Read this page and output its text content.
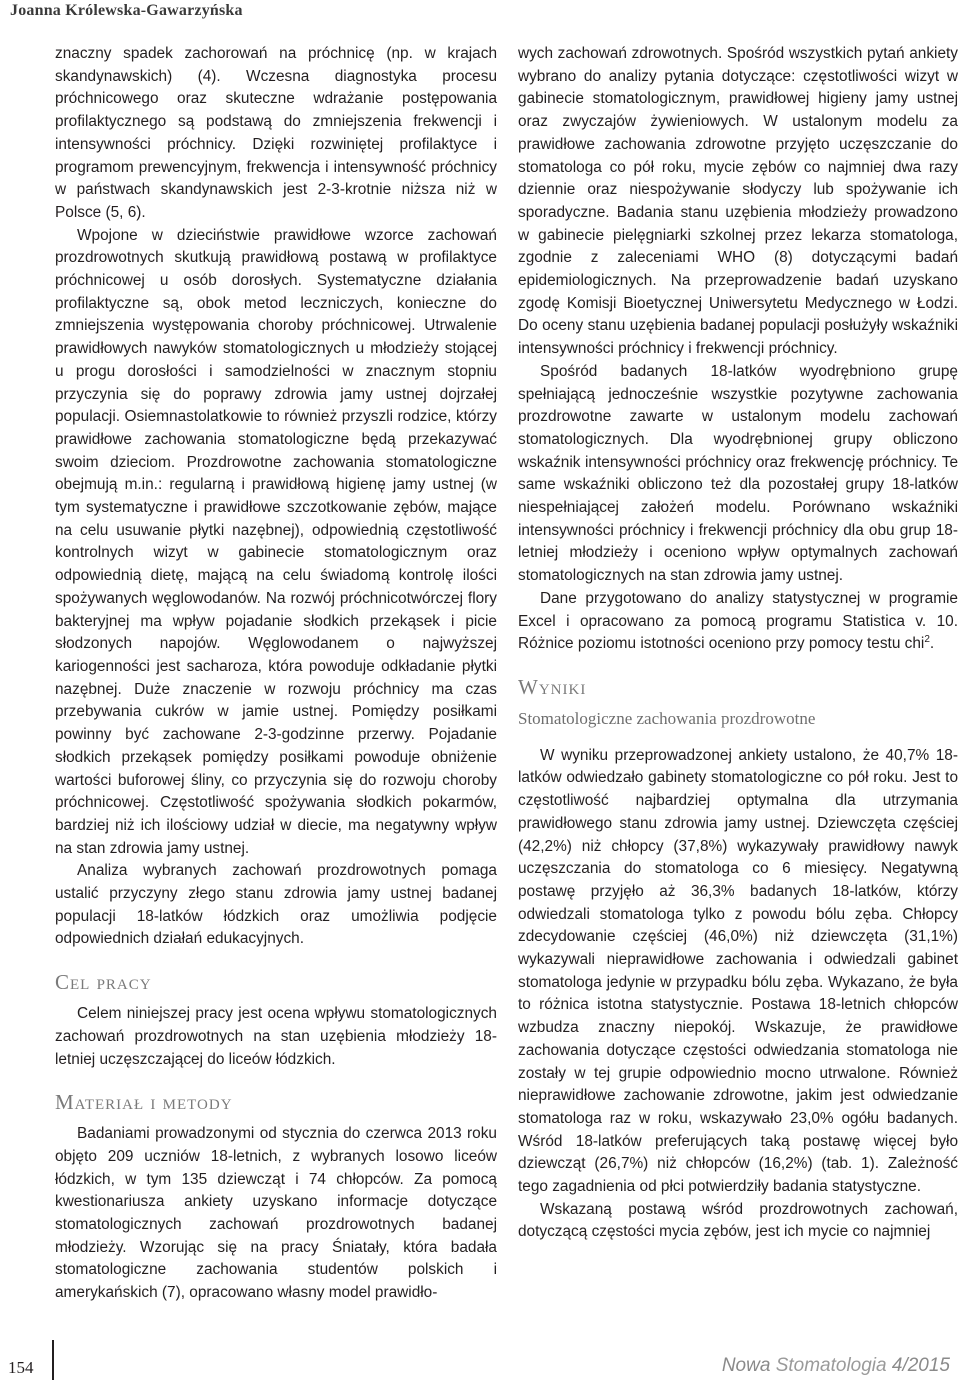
Joanna Królewska-Gawarzyńska

znaczny spadek zachorowań na próchnicę (np. w krajach skandynawskich) (4). Wczesna diagnostyka procesu próchnicowego oraz skuteczne wdrażanie postępowania profilaktycznego są podstawą do zmniejszenia frekwencji i intensywności próchnicy. Dzięki rozwiniętej profilaktyce i programom prewencyjnym, frekwencja i intensywność próchnicy w państwach skandynawskich jest 2-3-krotnie niższa niż w Polsce (5, 6).

Wpojone w dzieciństwie prawidłowe wzorce zachowań prozdrowotnych skutkują prawidłową postawą w profilaktyce próchnicowej u osób dorosłych. Systematyczne działania profilaktyczne są, obok metod leczniczych, konieczne do zmniejszenia występowania choroby próchnicowej. Utrwalenie prawidłowych nawyków stomatologicznych u młodzieży stojącej u progu dorosłości i samodzielności w znacznym stopniu przyczynia się do poprawy zdrowia jamy ustnej dojrzałej populacji. Osiemnastolatkowie to również przyszli rodzice, którzy prawidłowe zachowania stomatologiczne będą przekazywać swoim dzieciom. Prozdrowotne zachowania stomatologiczne obejmują m.in.: regularną i prawidłową higienę jamy ustnej (w tym systematyczne i prawidłowe szczotkowanie zębów, mające na celu usuwanie płytki nazębnej), odpowiednią częstotliwość kontrolnych wizyt w gabinecie stomatologicznym oraz odpowiednią dietę, mającą na celu świadomą kontrolę ilości spożywanych węglowodanów. Na rozwój próchnicotwórczej flory bakteryjnej ma wpływ pojadanie słodkich przekąsek i picie słodzonych napojów. Węglowodanem o najwyższej kariogenności jest sacharoza, która powoduje odkładanie płytki nazębnej. Duże znaczenie w rozwoju próchnicy ma czas przebywania cukrów w jamie ustnej. Pomiędzy posiłkami powinny być zachowane 2-3-godzinne przerwy. Pojadanie słodkich przekąsek pomiędzy posiłkami powoduje obniżenie wartości buforowej śliny, co przyczynia się do rozwoju choroby próchnicowej. Częstotliwość spożywania słodkich pokarmów, bardziej niż ich ilościowy udział w diecie, ma negatywny wpływ na stan zdrowia jamy ustnej.

Analiza wybranych zachowań prozdrowotnych pomaga ustalić przyczyny złego stanu zdrowia jamy ustnej badanej populacji 18-latków łódzkich oraz umożliwia podjęcie odpowiednich działań edukacyjnych.

Cel pracy

Celem niniejszej pracy jest ocena wpływu stomatologicznych zachowań prozdrowotnych na stan uzębienia młodzieży 18-letniej uczęszczającej do liceów łódzkich.

Materiał i metody

Badaniami prowadzonymi od stycznia do czerwca 2013 roku objęto 209 uczniów 18-letnich, z wybranych losowo liceów łódzkich, w tym 135 dziewcząt i 74 chłopców. Za pomocą kwestionariusza ankiety uzyskano informacje dotyczące stomatologicznych zachowań prozdrowotnych badanej młodzieży. Wzorując się na pracy Śniatały, która badała stomatologiczne zachowania studentów polskich i amerykańskich (7), opracowano własny model prawidło-

wych zachowań zdrowotnych. Spośród wszystkich pytań ankiety wybrano do analizy pytania dotyczące: częstotliwości wizyt w gabinecie stomatologicznym, prawidłowej higieny jamy ustnej oraz zwyczajów żywieniowych. W ustalonym modelu za prawidłowe zachowania zdrowotne przyjęto uczęszczanie do stomatologa co pół roku, mycie zębów co najmniej dwa razy dziennie oraz niespożywanie słodyczy lub spożywanie ich sporadyczne. Badania stanu uzębienia młodzieży prowadzono w gabinecie pielęgniarki szkolnej przez lekarza stomatologa, zgodnie z zaleceniami WHO (8) dotyczącymi badań epidemiologicznych. Na przeprowadzenie badań uzyskano zgodę Komisji Bioetycznej Uniwersytetu Medycznego w Łodzi. Do oceny stanu uzębienia badanej populacji posłużyły wskaźniki intensywności próchnicy i frekwencji próchnicy.

Spośród badanych 18-latków wyodrębniono grupę spełniającą jednocześnie wszystkie pozytywne zachowania prozdrowotne zawarte w ustalonym modelu zachowań stomatologicznych. Dla wyodrębnionej grupy obliczono wskaźnik intensywności próchnicy oraz frekwencję próchnicy. Te same wskaźniki obliczono też dla pozostałej grupy 18-latków niespełniającej założeń modelu. Porównano wskaźniki intensywności próchnicy i frekwencji próchnicy dla obu grup 18-letniej młodzieży i oceniono wpływ optymalnych zachowań stomatologicznych na stan zdrowia jamy ustnej.

Dane przygotowano do analizy statystycznej w programie Excel i opracowano za pomocą programu Statistica v. 10. Różnice poziomu istotności oceniono przy pomocy testu chi$^2$.

Wyniki
Stomatologiczne zachowania prozdrowotne

W wyniku przeprowadzonej ankiety ustalono, że 40,7% 18-latków odwiedzało gabinety stomatologiczne co pół roku. Jest to częstotliwość najbardziej optymalna dla utrzymania prawidłowego stanu zdrowia jamy ustnej. Dziewczęta częściej (42,2%) niż chłopcy (37,8%) wykazywały prawidłowy nawyk uczęszczania do stomatologa co 6 miesięcy. Negatywną postawę przyjęło aż 36,3% badanych 18-latków, którzy odwiedzali stomatologa tylko z powodu bólu zęba. Chłopcy zdecydowanie częściej (46,0%) niż dziewczęta (31,1%) wykazywali nieprawidłowe zachowania i odwiedzali gabinet stomatologa jedynie w przypadku bólu zęba. Wykazano, że była to różnica istotna statystycznie. Postawa 18-letnich chłopców wzbudza znaczny niepokój. Wskazuje, że prawidłowe zachowania dotyczące częstości odwiedzania stomatologa nie zostały w tej grupie odpowiednio mocno utrwalone. Również nieprawidłowe zachowanie zdrowotne, jakim jest odwiedzanie stomatologa raz w roku, wskazywało 23,0% ogółu badanych. Wśród 18-latków preferujących taką postawę więcej było dziewcząt (26,7%) niż chłopców (16,2%) (tab. 1). Zależność tego zagadnienia od płci potwierdziły badania statystyczne.

Wskazaną postawą wśród prozdrowotnych zachowań, dotyczącą częstości mycia zębów, jest ich mycie co najmniej

154	Nowa Stomatologia 4/2015
